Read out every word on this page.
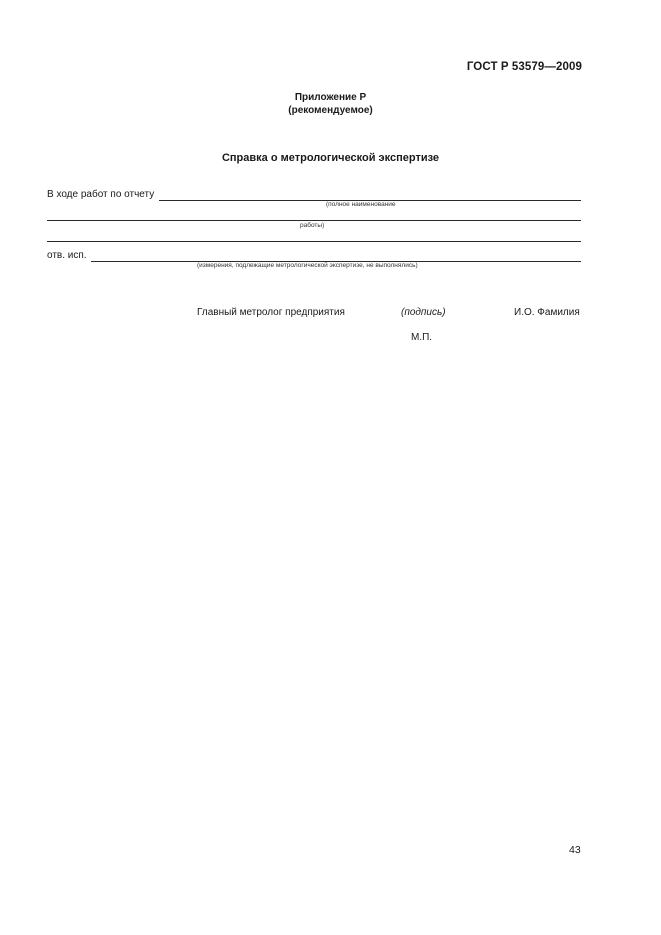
ГОСТ Р 53579—2009
Приложение Р
(рекомендуемое)
Справка о метрологической экспертизе
В ходе работ по отчету
(полное наименование
работы)
отв. исп.
(измерения, подлежащие метрологической экспертизе, не выполнялись)
Главный метролог предприятия	(подпись)	И.О. Фамилия
М.П.
43
